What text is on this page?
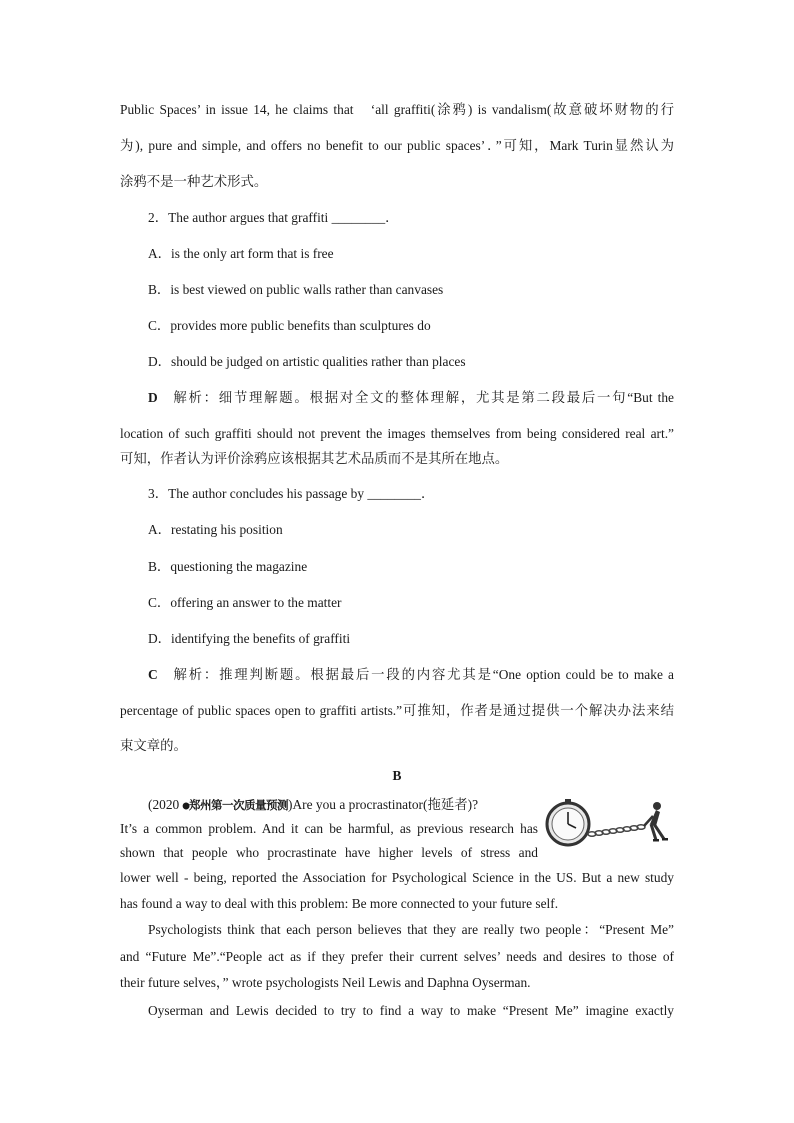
Public Spaces’ in issue 14, he claims that　‘all graffiti(涂鸦) is vandalism(故意破坏财物的行
为), pure and simple, and offers no benefit to our public spaces’．”可知，Mark Turin显然认为
涂鸦不是一种艺术形式。
2．The author argues that graffiti ________．
A．is the only art form that is free
B．is best viewed on public walls rather than canvases
C．provides more public benefits than sculptures do
D．should be judged on artistic qualities rather than places
D 解析：细节理解题。根据对全文的整体理解，尤其是第二段最后一句“But the
location of such graffiti should not prevent the images themselves from being considered real art.”
可知，作者认为评价涂鸦应该根据其艺术品质而不是其所在地点。
3．The author concludes his passage by ________．
A．restating his position
B．questioning the magazine
C．offering an answer to the matter
D．identifying the benefits of graffiti
C 解析：推理判断题。根据最后一段的内容尤其是“One option could be to make a
percentage of public spaces open to graffiti artists.”可推知，作者是通过提供一个解决办法来结
束文章的。
B
(2020 ●郑州第一次质量预测)Are you a procrastinator(拖延者)?
It’s a common problem. And it can be harmful, as previous research has
shown that people who procrastinate have higher levels of stress and
lower well - being, reported the Association for Psychological Science in the US. But a new study
has found a way to deal with this problem: Be more connected to your future self.
Psychologists think that each person believes that they are really two people：“Present Me”
and “Future Me”.“People act as if they prefer their current selves’ needs and desires to those of
their future selves，” wrote psychologists Neil Lewis and Daphna Oyserman.
Oyserman and Lewis decided to try to find a way to make “Present Me” imagine exactly
